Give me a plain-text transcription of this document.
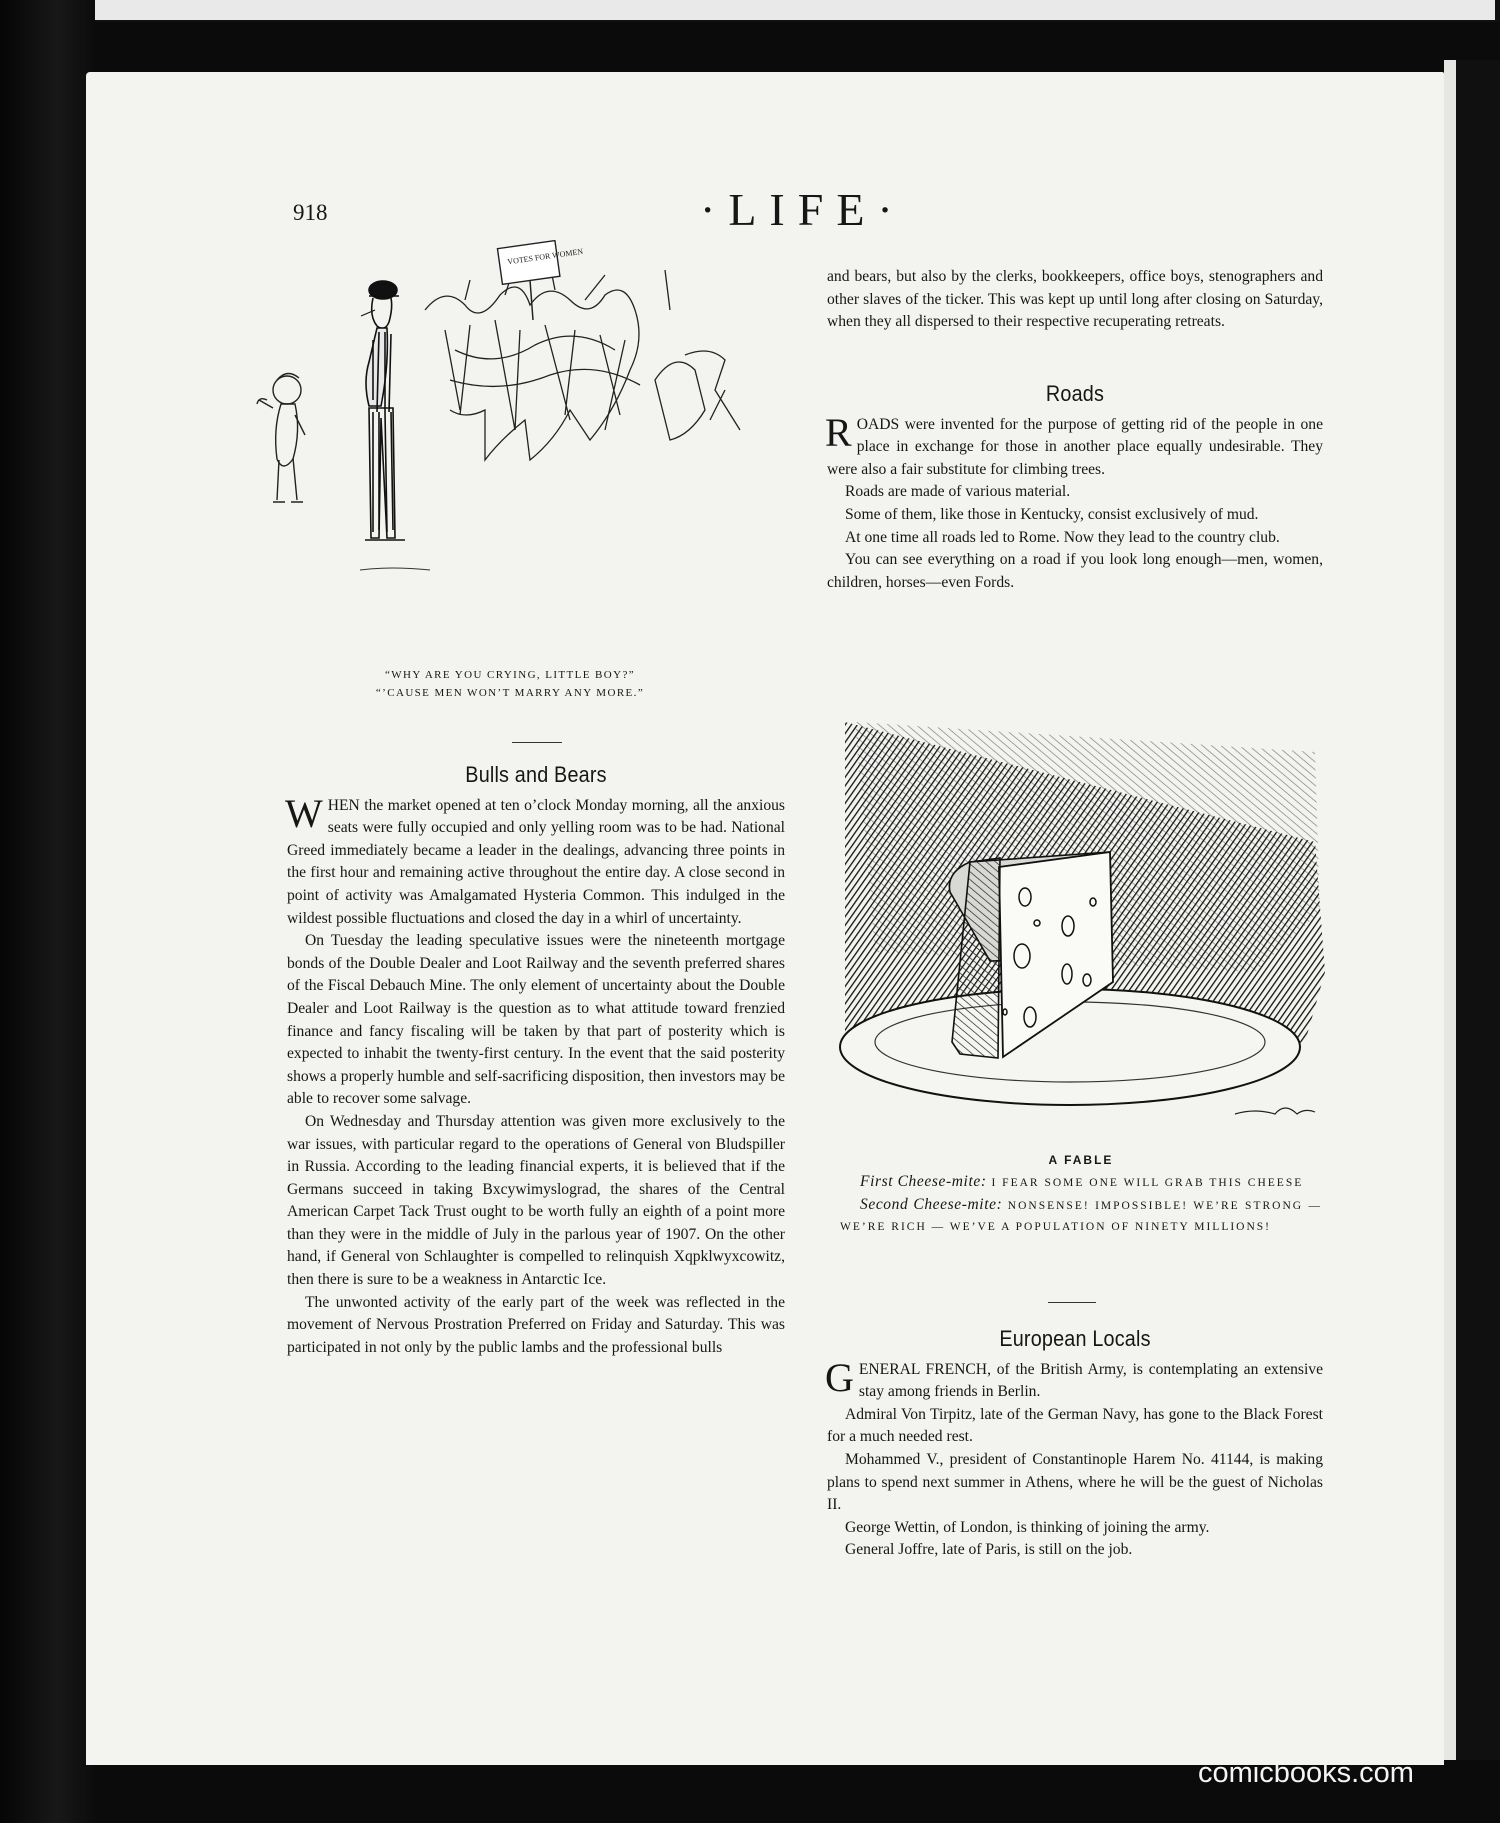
918	·LIFE·
VOTES FOR WOMEN
“WHY ARE YOU CRYING, LITTLE BOY?”
“’CAUSE MEN WON’T MARRY ANY MORE.”
Bulls and Bears

WHEN the market opened at ten o’clock Monday morning, all the anxious seats were fully occupied and only yelling room was to be had. National Greed immediately became a leader in the dealings, advancing three points in the first hour and remaining active throughout the entire day. A close second in point of activity was Amalgamated Hysteria Common. This indulged in the wildest possible fluctuations and closed the day in a whirl of uncertainty.

On Tuesday the leading speculative issues were the nineteenth mortgage bonds of the Double Dealer and Loot Railway and the seventh preferred shares of the Fiscal Debauch Mine. The only element of uncertainty about the Double Dealer and Loot Railway is the question as to what attitude toward frenzied finance and fancy fiscaling will be taken by that part of posterity which is expected to inhabit the twenty-first century. In the event that the said posterity shows a properly humble and self-sacrificing disposition, then investors may be able to recover some salvage.

On Wednesday and Thursday attention was given more exclusively to the war issues, with particular regard to the operations of General von Bludspiller in Russia. According to the leading financial experts, it is believed that if the Germans succeed in taking Bxcywimyslograd, the shares of the Central American Carpet Tack Trust ought to be worth fully an eighth of a point more than they were in the middle of July in the parlous year of 1907. On the other hand, if General von Schlaughter is compelled to relinquish Xqpklwyxcowitz, then there is sure to be a weakness in Antarctic Ice.

The unwonted activity of the early part of the week was reflected in the movement of Nervous Prostration Preferred on Friday and Saturday. This was participated in not only by the public lambs and the professional bulls

and bears, but also by the clerks, bookkeepers, office boys, stenographers and other slaves of the ticker. This was kept up until long after closing on Saturday, when they all dispersed to their respective recuperating retreats.

Roads

ROADS were invented for the purpose of getting rid of the people in one place in exchange for those in another place equally undesirable. They were also a fair substitute for climbing trees.

Roads are made of various material.

Some of them, like those in Kentucky, consist exclusively of mud.

At one time all roads led to Rome. Now they lead to the country club.

You can see everything on a road if you look long enough—men, women, children, horses—even Fords.

A FABLE
First Cheese-mite: I FEAR SOME ONE WILL GRAB THIS CHEESE
Second Cheese-mite: NONSENSE! IMPOSSIBLE! WE’RE STRONG — WE’RE RICH — WE’VE A POPULATION OF NINETY MILLIONS!
European Locals

GENERAL FRENCH, of the British Army, is contemplating an extensive stay among friends in Berlin.

Admiral Von Tirpitz, late of the German Navy, has gone to the Black Forest for a much needed rest.

Mohammed V., president of Constantinople Harem No. 41144, is making plans to spend next summer in Athens, where he will be the guest of Nicholas II.

George Wettin, of London, is thinking of joining the army.

General Joffre, late of Paris, is still on the job.

comicbooks.com
